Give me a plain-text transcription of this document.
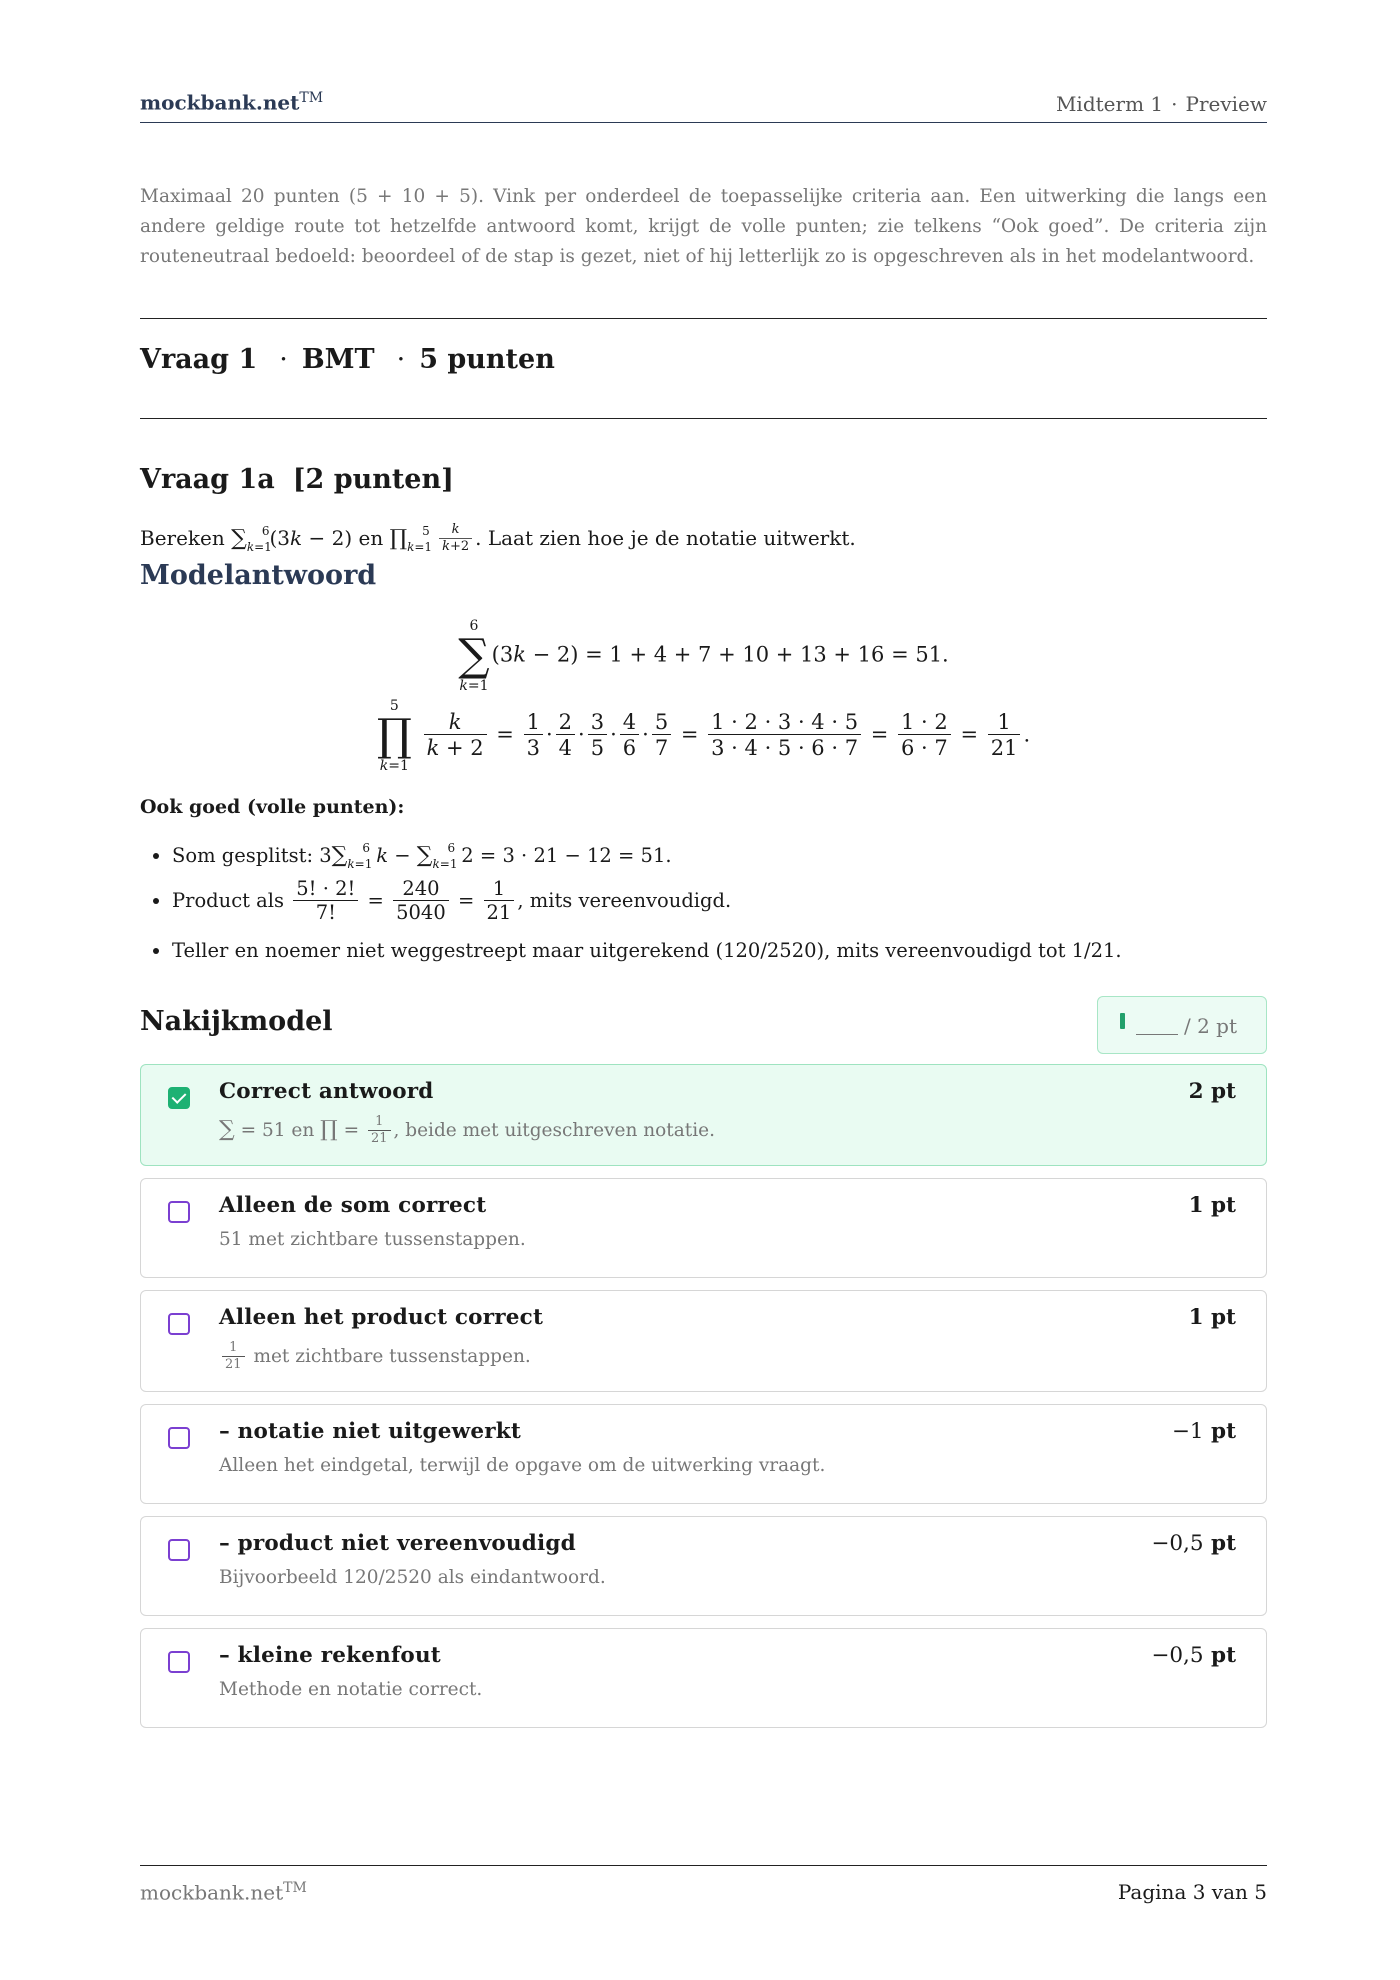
mockbank.net™	Midterm 1 · Preview

Maximaal 20 punten (5 + 10 + 5). Vink per onderdeel de toepasselijke criteria aan. Een uitwerking die langs een andere geldige route tot hetzelfde antwoord komt, krijgt de volle punten; zie telkens “Ook goed”. De criteria zijn routeneutraal bedoeld: beoordeel of de stap is gezet, niet of hij letterlijk zo is opgeschreven als in het modelantwoord.

Vraag 1 · BMT · 5 punten
Vraag 1a [2 punten]
Bereken $\sum_{k=1}^6(3k - 2)$ en $\prod_{k=1}^5 \frac{k}{k+2}$ . Laat zien hoe je de notatie uitwerkt.
Modelantwoord
6
∑
k=1
(3k − 2) = 1 + 4 + 7 + 10 + 13 + 16 = 51.
5
∏
k=1

$\frac{k}{k + 2} = \frac{1}{3} \cdot \frac{2}{4} \cdot \frac{3}{5} \cdot \frac{4}{6} \cdot \frac{5}{7} = \frac{1 \cdot 2 \cdot 3 \cdot 4 \cdot 5}{3 \cdot 4 \cdot 5 \cdot 6 \cdot 7} = \frac{1 \cdot 2}{6 \cdot 7} = \frac{1}{21}$ .
Ook goed (volle punten):
• Som gesplitst: $3\sum_{k=1}^6$ $k - \sum_{k=1}^6$ 2 = 3 · 21 − 12 = 51.
• Product als $\frac{5! \cdot 2!}{7!} = \frac{240}{5040} = \frac{1}{21}$ , mits vereenvoudigd.
• Teller en noemer niet weggestreept maar uitgerekend (120/2520), mits vereenvoudigd tot 1/21.
Nakijkmodel	/ 2 pt
Correct antwoord	2 pt
∑ = 51 en ∏ = $\frac{1}{21}$ , beide met uitgeschreven notatie.
Alleen de som correct	1 pt
51 met zichtbare tussenstappen.
Alleen het product correct	1 pt
$\frac{1}{21}$ met zichtbare tussenstappen.
– notatie niet uitgewerkt	−1 pt
Alleen het eindgetal, terwijl de opgave om de uitwerking vraagt.
– product niet vereenvoudigd	−0,5 pt
Bijvoorbeeld 120/2520 als eindantwoord.
– kleine rekenfout	−0,5 pt
Methode en notatie correct.
mockbank.net™	Pagina 3 van 5
